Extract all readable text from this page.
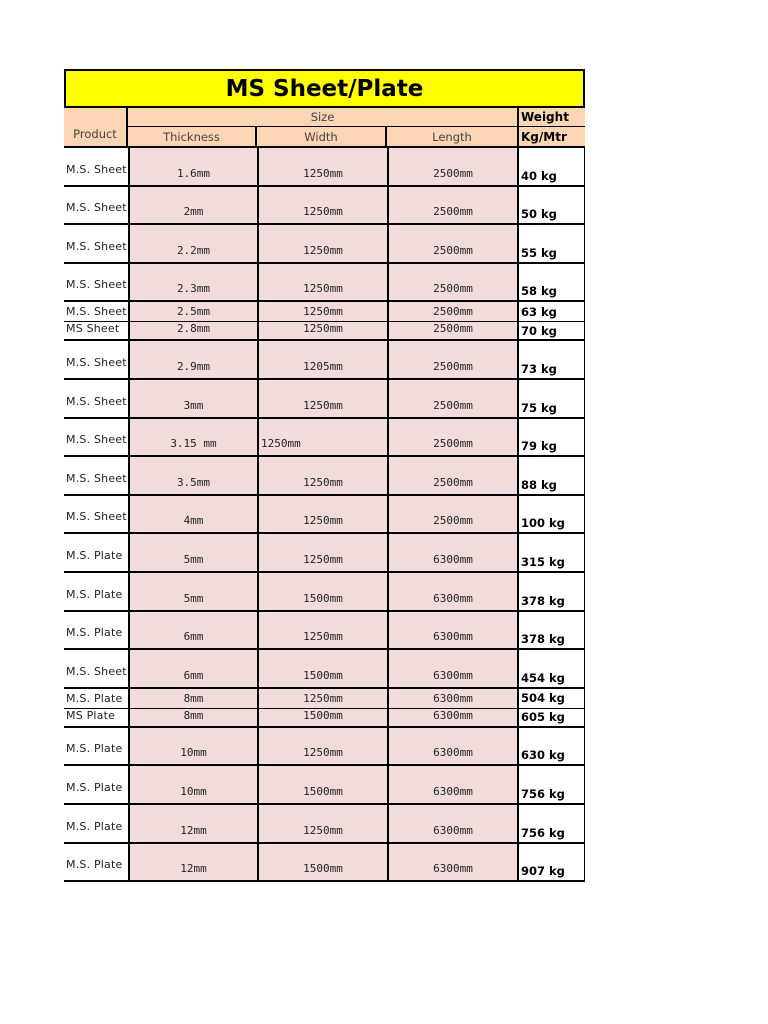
MS Sheet/Plate
Product
Size
Thickness	Width	Length
Weight
Kg/Mtr
M.S. Sheet	1.6mm	1250mm	2500mm	40 kg
M.S. Sheet	2mm	1250mm	2500mm	50 kg
M.S. Sheet	2.2mm	1250mm	2500mm	55 kg
M.S. Sheet	2.3mm	1250mm	2500mm	58 kg
M.S. Sheet	2.5mm	1250mm	2500mm	63 kg
MS Sheet	2.8mm	1250mm	2500mm	70 kg
M.S. Sheet	2.9mm	1205mm	2500mm	73 kg
M.S. Sheet	3mm	1250mm	2500mm	75 kg
M.S. Sheet	3.15 mm	1250mm	2500mm	79 kg
M.S. Sheet	3.5mm	1250mm	2500mm	88 kg
M.S. Sheet	4mm	1250mm	2500mm	100 kg
M.S. Plate	5mm	1250mm	6300mm	315 kg
M.S. Plate	5mm	1500mm	6300mm	378 kg
M.S. Plate	6mm	1250mm	6300mm	378 kg
M.S. Sheet	6mm	1500mm	6300mm	454 kg
M.S. Plate	8mm	1250mm	6300mm	504 kg
MS Plate	8mm	1500mm	6300mm	605 kg
M.S. Plate	10mm	1250mm	6300mm	630 kg
M.S. Plate	10mm	1500mm	6300mm	756 kg
M.S. Plate	12mm	1250mm	6300mm	756 kg
M.S. Plate	12mm	1500mm	6300mm	907 kg
